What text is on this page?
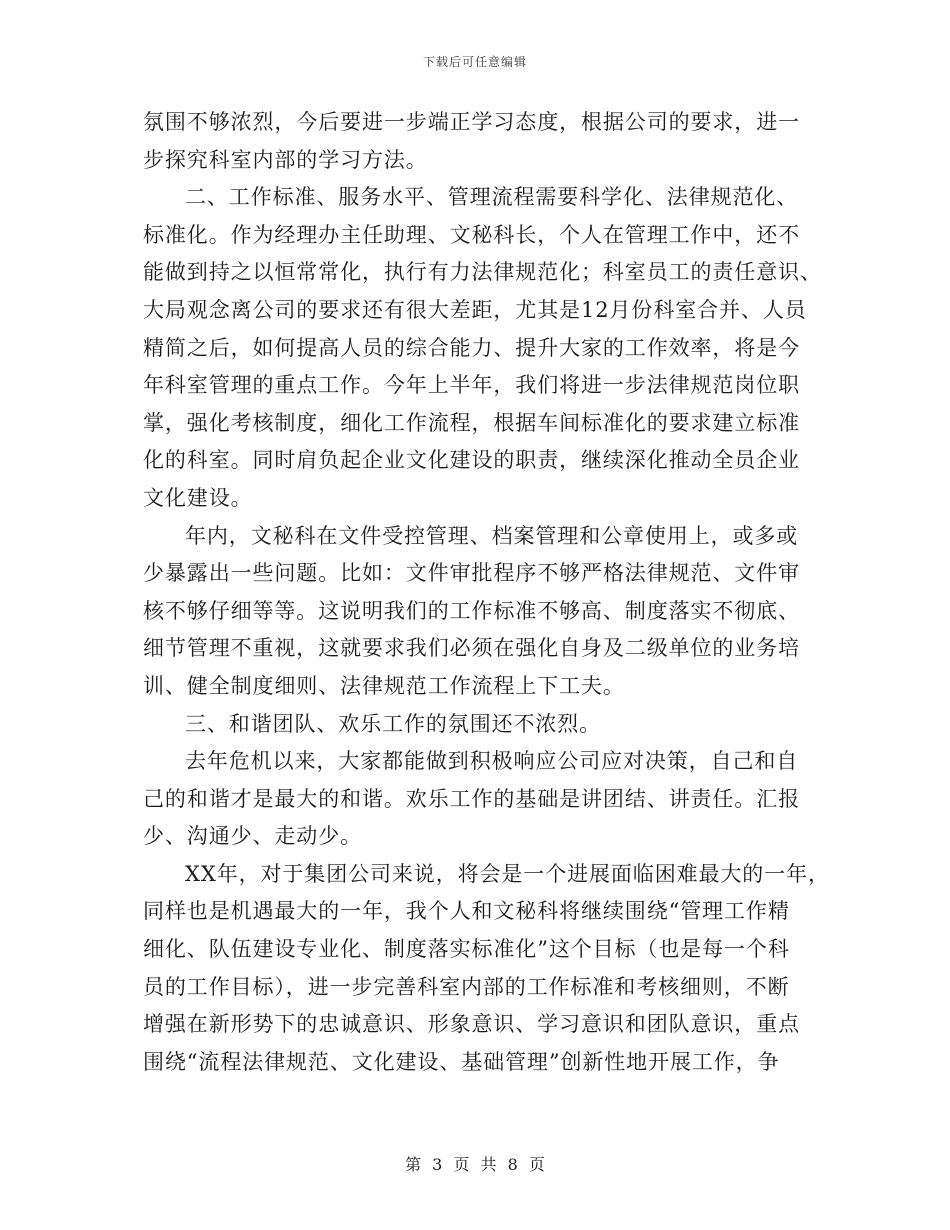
下载后可任意编辑
氛围不够浓烈，今后要进一步端正学习态度，根据公司的要求，进一
步探究科室内部的学习方法。
二、工作标准、服务水平、管理流程需要科学化、法律规范化、
标准化。作为经理办主任助理、文秘科长，个人在管理工作中，还不
能做到持之以恒常常化，执行有力法律规范化；科室员工的责任意识、
大局观念离公司的要求还有很大差距，尤其是12月份科室合并、人员
精简之后，如何提高人员的综合能力、提升大家的工作效率，将是今
年科室管理的重点工作。今年上半年，我们将进一步法律规范岗位职
掌，强化考核制度，细化工作流程，根据车间标准化的要求建立标准
化的科室。同时肩负起企业文化建设的职责，继续深化推动全员企业
文化建设。
年内，文秘科在文件受控管理、档案管理和公章使用上，或多或
少暴露出一些问题。比如：文件审批程序不够严格法律规范、文件审
核不够仔细等等。这说明我们的工作标准不够高、制度落实不彻底、
细节管理不重视，这就要求我们必须在强化自身及二级单位的业务培
训、健全制度细则、法律规范工作流程上下工夫。
三、和谐团队、欢乐工作的氛围还不浓烈。
去年危机以来，大家都能做到积极响应公司应对决策，自己和自
己的和谐才是最大的和谐。欢乐工作的基础是讲团结、讲责任。汇报
少、沟通少、走动少。
XX年，对于集团公司来说，将会是一个进展面临困难最大的一年，
同样也是机遇最大的一年，我个人和文秘科将继续围绕“管理工作精
细化、队伍建设专业化、制度落实标准化”这个目标（也是每一个科
员的工作目标），进一步完善科室内部的工作标准和考核细则，不断
增强在新形势下的忠诚意识、形象意识、学习意识和团队意识，重点
围绕“流程法律规范、文化建设、基础管理”创新性地开展工作，争
第 3 页 共 8 页
